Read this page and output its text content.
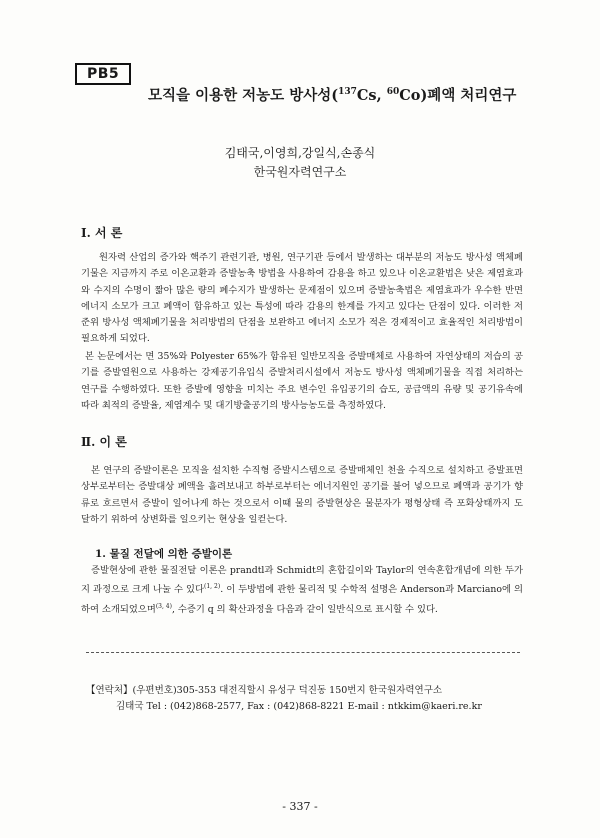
PB5
모직을 이용한 저농도 방사성($^{137}$Cs, $^{60}$Co)폐액 처리연구
김태국,이영희,강일식,손종식
한국원자력연구소
Ⅰ. 서 론

원자력 산업의 증가와 핵주기 관련기관, 병원, 연구기관 등에서 발생하는 대부분의 저농도 방사성 액체폐기물은 지금까지 주로 이온교환과 증발농축 방법을 사용하여 감용을 하고 있으나 이온교환법은 낮은 제염효과와 수지의 수명이 짧아 많은 량의 폐수지가 발생하는 문제점이 있으며 증발농축법은 제염효과가 우수한 반면 에너지 소모가 크고 폐액이 함유하고 있는 특성에 따라 감용의 한계를 가지고 있다는 단점이 있다. 이러한 저준위 방사성 액체폐기물을 처리방법의 단점을 보완하고 에너지 소모가 적은 경제적이고 효율적인 처리방법이 필요하게 되었다.

본 논문에서는 면 35%와 Polyester 65%가 함유된 일반모직을 증발매체로 사용하여 자연상태의 저습의 공기를 증발열원으로 사용하는 강제공기유입식 증발처리시설에서 저농도 방사성 액체폐기물을 직접 처리하는 연구를 수행하였다. 또한 증발에 영향을 미치는 주요 변수인 유입공기의 습도, 공급액의 유량 및 공기유속에 따라 최적의 증발율, 제염계수 및 대기방출공기의 방사능농도를 측정하였다.

Ⅱ. 이 론

본 연구의 증발이론은 모직을 설치한 수직형 증발시스템으로 증발매체인 천을 수직으로 설치하고 증발표면 상부로부터는 증발대상 폐액을 흘려보내고 하부로부터는 에너지원인 공기를 불어 넣으므로 폐액과 공기가 향류로 흐르면서 증발이 일어나게 하는 것으로서 이때 물의 증발현상은 물분자가 평형상태 즉 포화상태까지 도달하기 위하여 상변화를 일으키는 현상을 일컫는다.

1. 물질 전달에 의한 증발이론

증발현상에 관한 물질전달 이론은 prandtl과 Schmidt의 혼합길이와 Taylor의 연속혼합개념에 의한 두가지 과정으로 크게 나눌 수 있다$^{(1, 2)}$. 이 두방법에 관한 물리적 및 수학적 설명은 Anderson과 Marciano에 의하여 소개되었으며$^{(3, 4)}$, 수증기 q 의 확산과정을 다음과 같이 일반식으로 표시할 수 있다.

【연락처】(우편번호)305-353 대전직할시 유성구 덕진동 150번지 한국원자력연구소
김태국 Tel : (042)868-2577, Fax : (042)868-8221 E-mail : ntkkim@kaeri.re.kr
- 337 -
